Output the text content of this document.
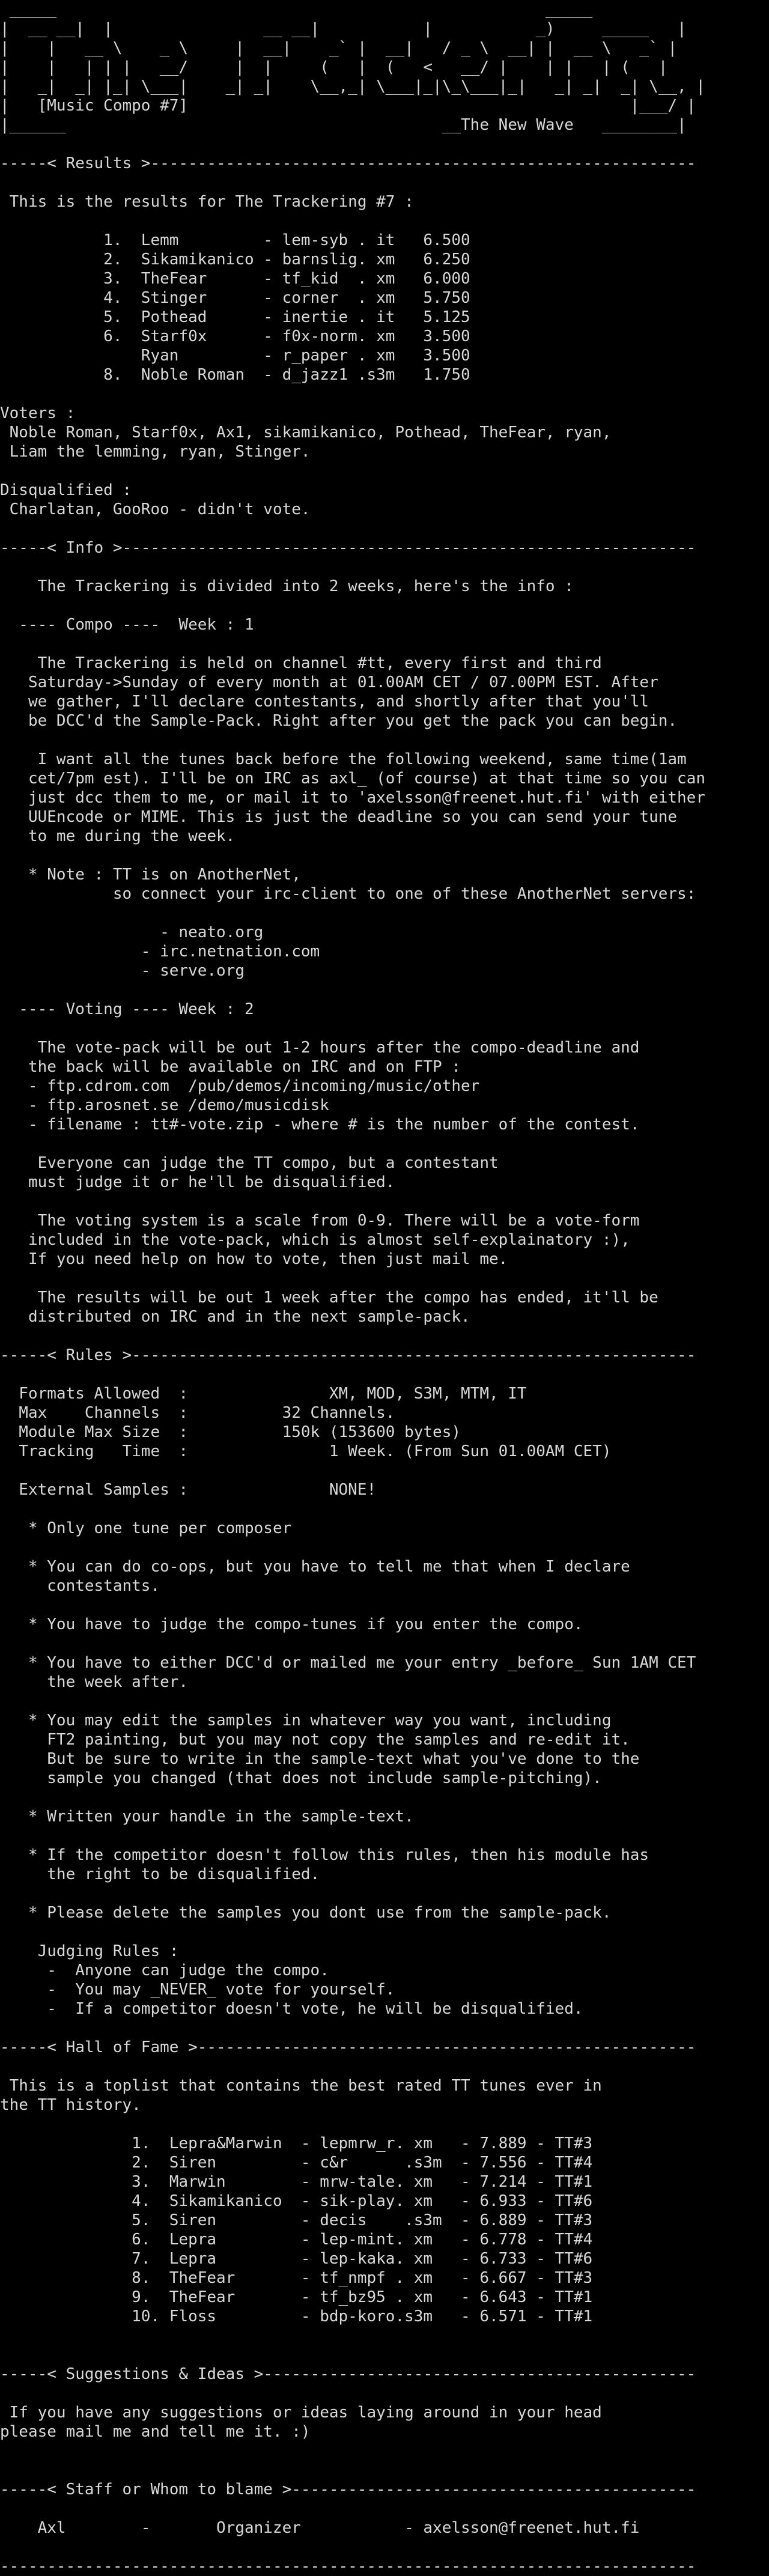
_____                                                    _____
|  __ __|  |                __ __|           |           _)     _____   |
|    |   __ \    _ \     |  __|    _` |  __|   / _ \  __| |  __ \   _` |
|    |   | | |   __/     |  |     (   |  (   <   __/ |    | |   | (   |
|   _|  _| |_| \___|    _| _|    \__,_| \___|_|\_\___|_|   _| _|  _| \__, |
|   [Music Compo #7]                                               |___/ |
|______                                        __The New Wave   ________|
-----< Results >----------------------------------------------------------
This is the results for The Trackering #7 :
1.  Lemm         - lem-syb . it   6.500
2.  Sikamikanico - barnslig. xm   6.250
3.  TheFear      - tf_kid  . xm   6.000
4.  Stinger      - corner  . xm   5.750
5.  Pothead      - inertie . it   5.125
6.  Starf0x      - f0x-norm. xm   3.500
Ryan         - r_paper . xm   3.500
8.  Noble Roman  - d_jazz1 .s3m   1.750
Voters :
Noble Roman, Starf0x, Ax1, sikamikanico, Pothead, TheFear, ryan,
Liam the lemming, ryan, Stinger.
Disqualified :
Charlatan, GooRoo - didn't vote.
-----< Info >-------------------------------------------------------------
The Trackering is divided into 2 weeks, here's the info :
---- Compo ----  Week : 1
The Trackering is held on channel #tt, every first and third
Saturday->Sunday of every month at 01.00AM CET / 07.00PM EST. After
we gather, I'll declare contestants, and shortly after that you'll
be DCC'd the Sample-Pack. Right after you get the pack you can begin.
I want all the tunes back before the following weekend, same time(1am
cet/7pm est). I'll be on IRC as axl_ (of course) at that time so you can
just dcc them to me, or mail it to 'axelsson@freenet.hut.fi' with either
UUEncode or MIME. This is just the deadline so you can send your tune
to me during the week.
* Note : TT is on AnotherNet,
so connect your irc-client to one of these AnotherNet servers:
- neato.org
- irc.netnation.com
- serve.org
---- Voting ---- Week : 2
The vote-pack will be out 1-2 hours after the compo-deadline and
the back will be available on IRC and on FTP :
- ftp.cdrom.com  /pub/demos/incoming/music/other
- ftp.arosnet.se /demo/musicdisk
- filename : tt#-vote.zip - where # is the number of the contest.
Everyone can judge the TT compo, but a contestant
must judge it or he'll be disqualified.
The voting system is a scale from 0-9. There will be a vote-form
included in the vote-pack, which is almost self-explainatory :),
If you need help on how to vote, then just mail me.
The results will be out 1 week after the compo has ended, it'll be
distributed on IRC and in the next sample-pack.
-----< Rules >------------------------------------------------------------
Formats Allowed  :               XM, MOD, S3M, MTM, IT
Max    Channels  :          32 Channels.
Module Max Size  :          150k (153600 bytes)
Tracking   Time  :               1 Week. (From Sun 01.00AM CET)
External Samples :               NONE!
* Only one tune per composer
* You can do co-ops, but you have to tell me that when I declare
contestants.
* You have to judge the compo-tunes if you enter the compo.
* You have to either DCC'd or mailed me your entry _before_ Sun 1AM CET
the week after.
* You may edit the samples in whatever way you want, including
FT2 painting, but you may not copy the samples and re-edit it.
But be sure to write in the sample-text what you've done to the
sample you changed (that does not include sample-pitching).
* Written your handle in the sample-text.
* If the competitor doesn't follow this rules, then his module has
the right to be disqualified.
* Please delete the samples you dont use from the sample-pack.
Judging Rules :
-  Anyone can judge the compo.
-  You may _NEVER_ vote for yourself.
-  If a competitor doesn't vote, he will be disqualified.
-----< Hall of Fame >-----------------------------------------------------
This is a toplist that contains the best rated TT tunes ever in
the TT history.
1.  Lepra&Marwin  - lepmrw_r. xm   - 7.889 - TT#3
2.  Siren         - c&r      .s3m  - 7.556 - TT#4
3.  Marwin        - mrw-tale. xm   - 7.214 - TT#1
4.  Sikamikanico  - sik-play. xm   - 6.933 - TT#6
5.  Siren         - decis    .s3m  - 6.889 - TT#3
6.  Lepra         - lep-mint. xm   - 6.778 - TT#4
7.  Lepra         - lep-kaka. xm   - 6.733 - TT#6
8.  TheFear       - tf_nmpf . xm   - 6.667 - TT#3
9.  TheFear       - tf_bz95 . xm   - 6.643 - TT#1
10. Floss         - bdp-koro.s3m   - 6.571 - TT#1
-----< Suggestions & Ideas >----------------------------------------------
If you have any suggestions or ideas laying around in your head
please mail me and tell me it. :)
-----< Staff or Whom to blame >-------------------------------------------
Axl        -       Organizer           - axelsson@freenet.hut.fi
--------------------------------------------------------------------------
